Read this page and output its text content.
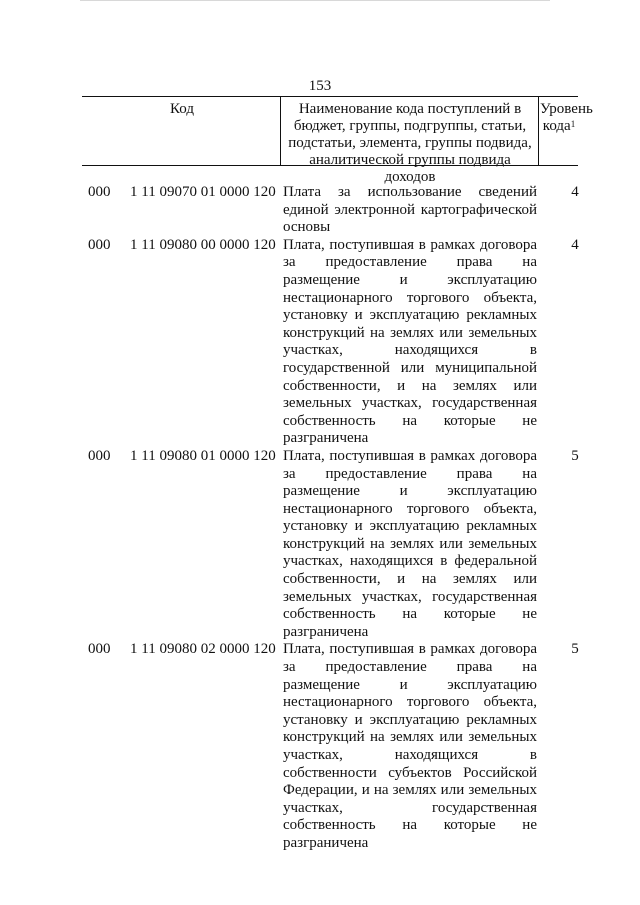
153
Код	Наименование кода поступлений в бюджет, группы, подгруппы, статьи, подстатьи, элемента, группы подвида, аналитической группы подвида доходов
Уровень кода$^1$
000 1 11 09070 01 0000 120 Плата за использование сведений единой электронной картографической основы
4
000 1 11 09080 00 0000 120 Плата, поступившая в рамках договора за предоставление права на размещение и эксплуатацию нестационарного торгового объекта, установку и эксплуатацию рекламных конструкций на землях или земельных участках, находящихся в государственной или муниципальной собственности, и на землях или земельных участках, государственная собственность на которые не разграничена
4
000 1 11 09080 01 0000 120 Плата, поступившая в рамках договора за предоставление права на размещение и эксплуатацию нестационарного торгового объекта, установку и эксплуатацию рекламных конструкций на землях или земельных участках, находящихся в федеральной собственности, и на землях или земельных участках, государственная собственность на которые не разграничена
5
000 1 11 09080 02 0000 120 Плата, поступившая в рамках договора за предоставление права на размещение и эксплуатацию нестационарного торгового объекта, установку и эксплуатацию рекламных конструкций на землях или земельных участках, находящихся в собственности субъектов Российской Федерации, и на землях или земельных участках, государственная собственность на которые не разграничена
5
